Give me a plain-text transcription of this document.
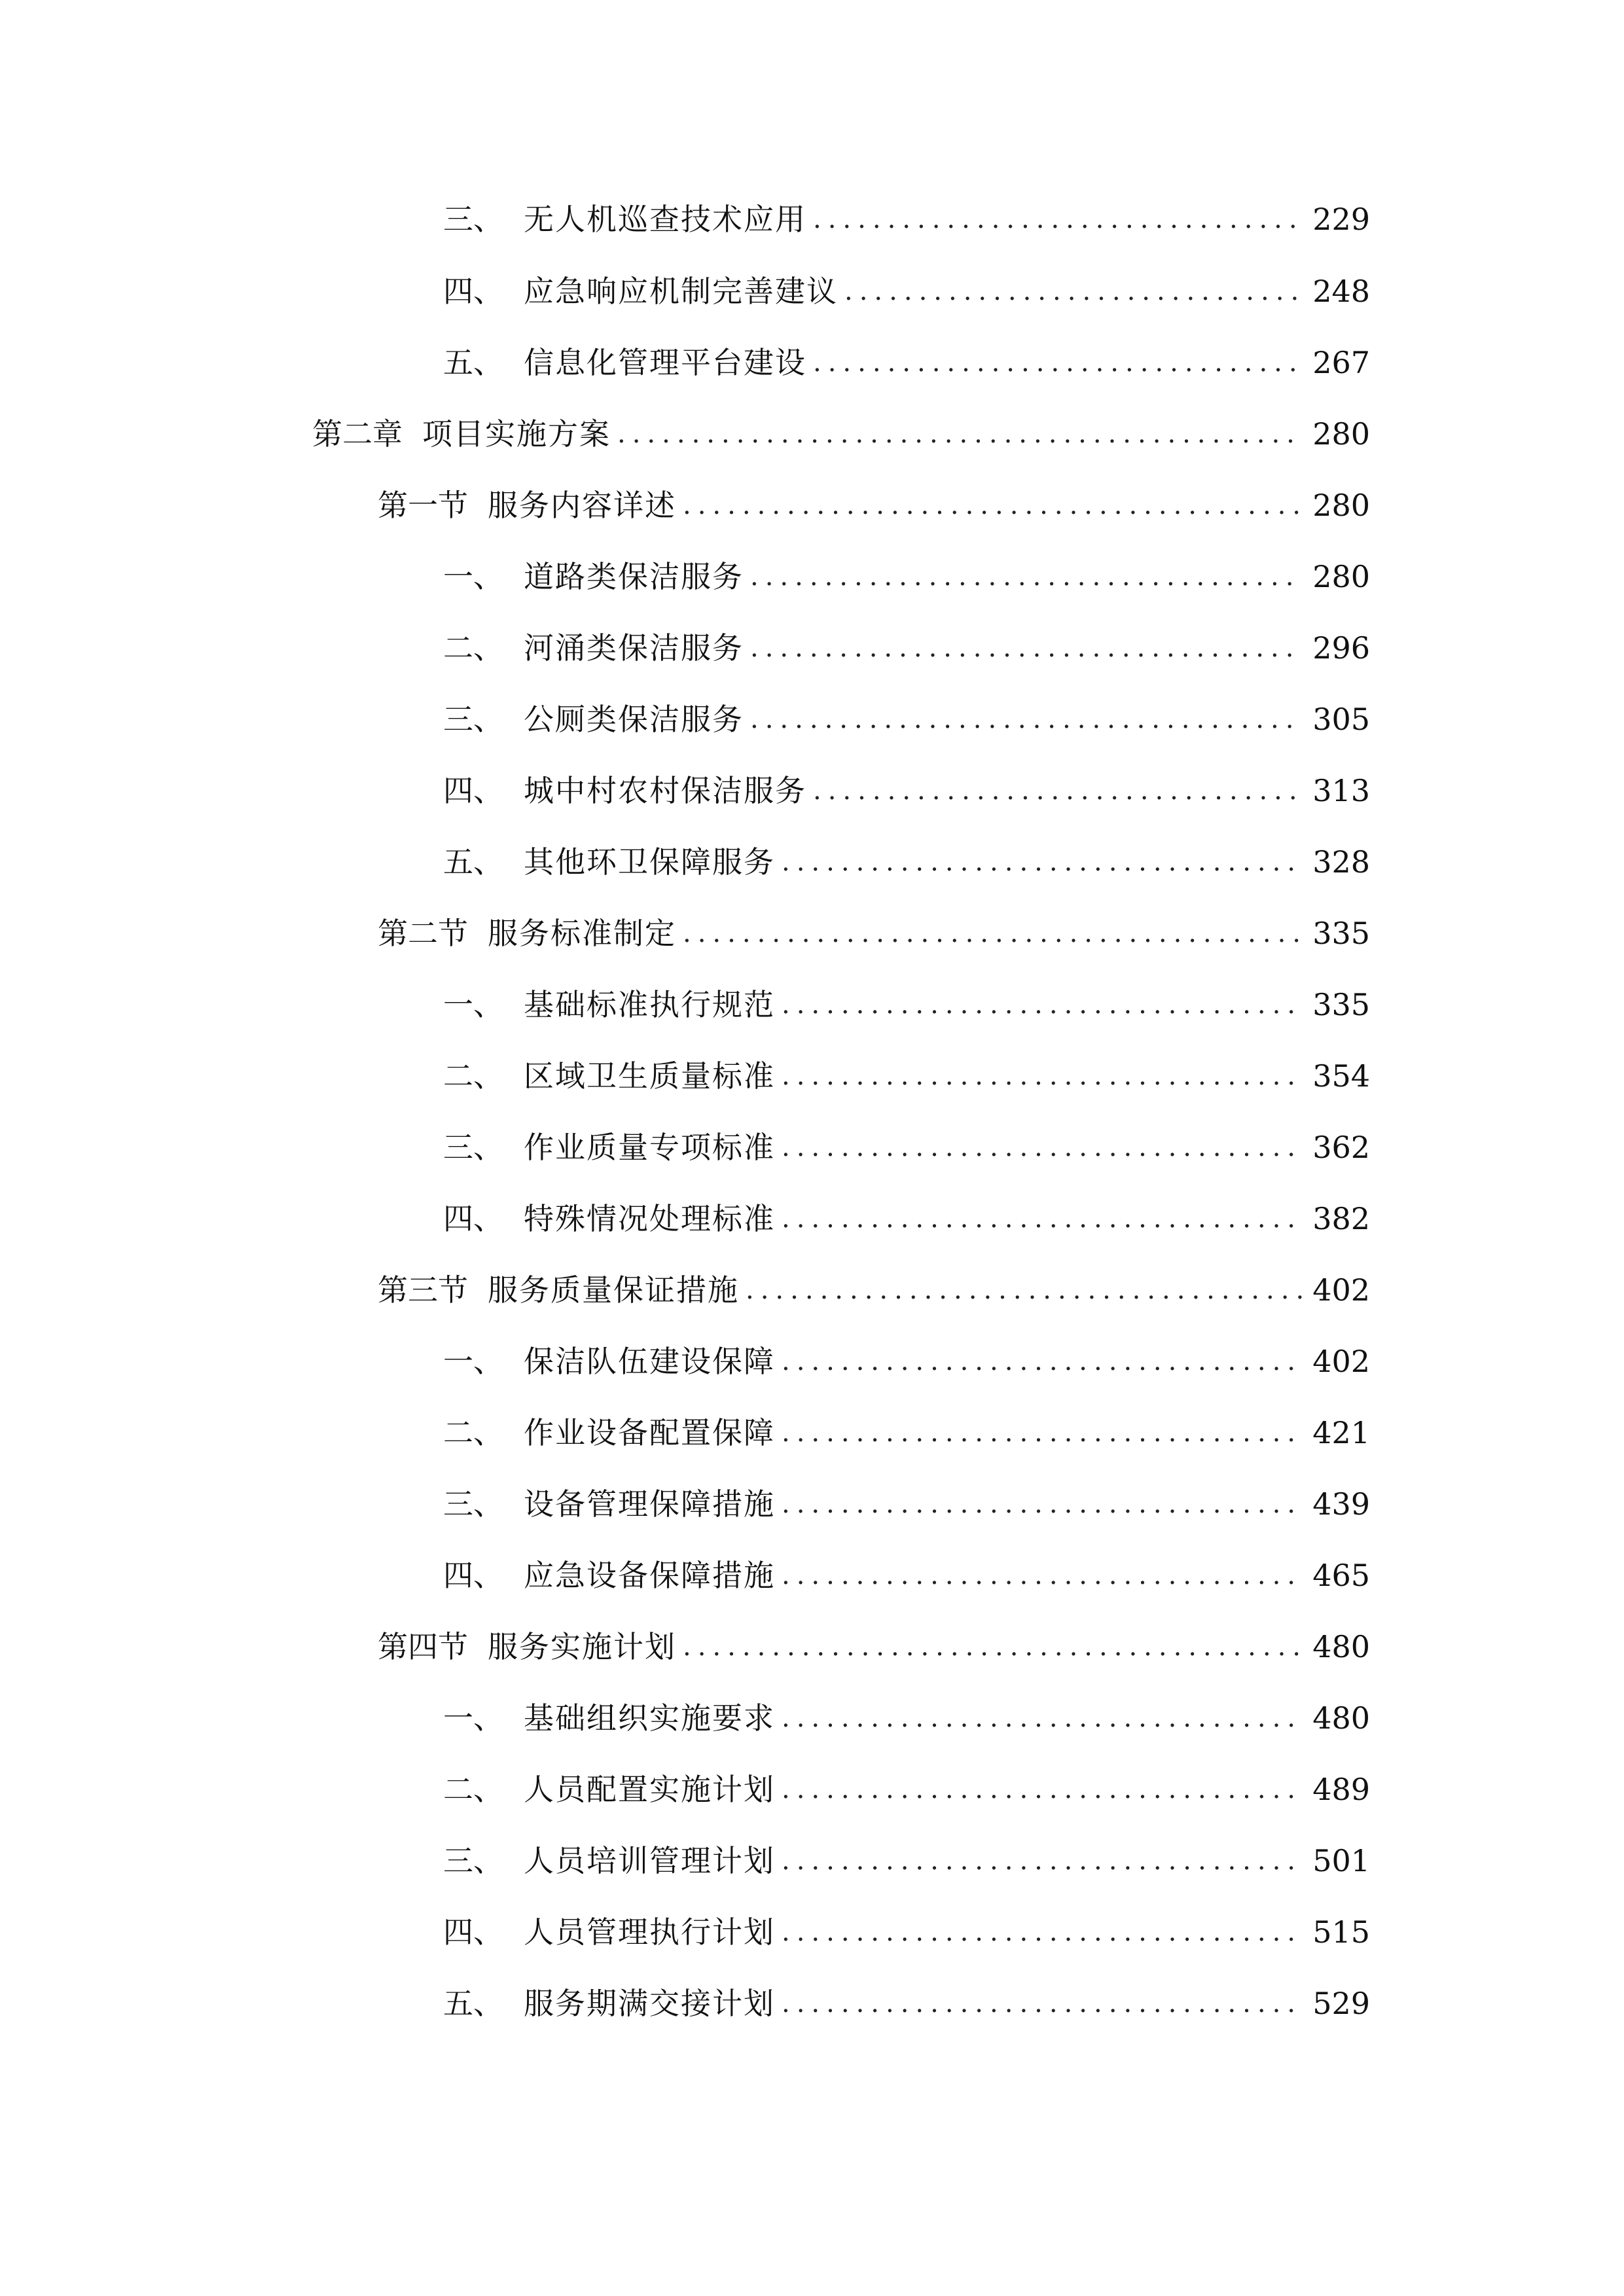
三、 无人机巡查技术应用 .....	229
四、 应急响应机制完善建议 .....	248
五、 信息化管理平台建设 .....	267
第二章 项目实施方案 .....	280
第一节 服务内容详述 .....	280
一、 道路类保洁服务 .....	280
二、 河涌类保洁服务 .....	296
三、 公厕类保洁服务 .....	305
四、 城中村农村保洁服务 .....	313
五、 其他环卫保障服务 .....	328
第二节 服务标准制定 .....	335
一、 基础标准执行规范 .....	335
二、 区域卫生质量标准 .....	354
三、 作业质量专项标准 .....	362
四、 特殊情况处理标准 .....	382
第三节 服务质量保证措施 .....	402
一、 保洁队伍建设保障 .....	402
二、 作业设备配置保障 .....	421
三、 设备管理保障措施 .....	439
四、 应急设备保障措施 .....	465
第四节 服务实施计划 .....	480
一、 基础组织实施要求 .....	480
二、 人员配置实施计划 .....	489
三、 人员培训管理计划 .....	501
四、 人员管理执行计划 .....	515
五、 服务期满交接计划 .....	529
